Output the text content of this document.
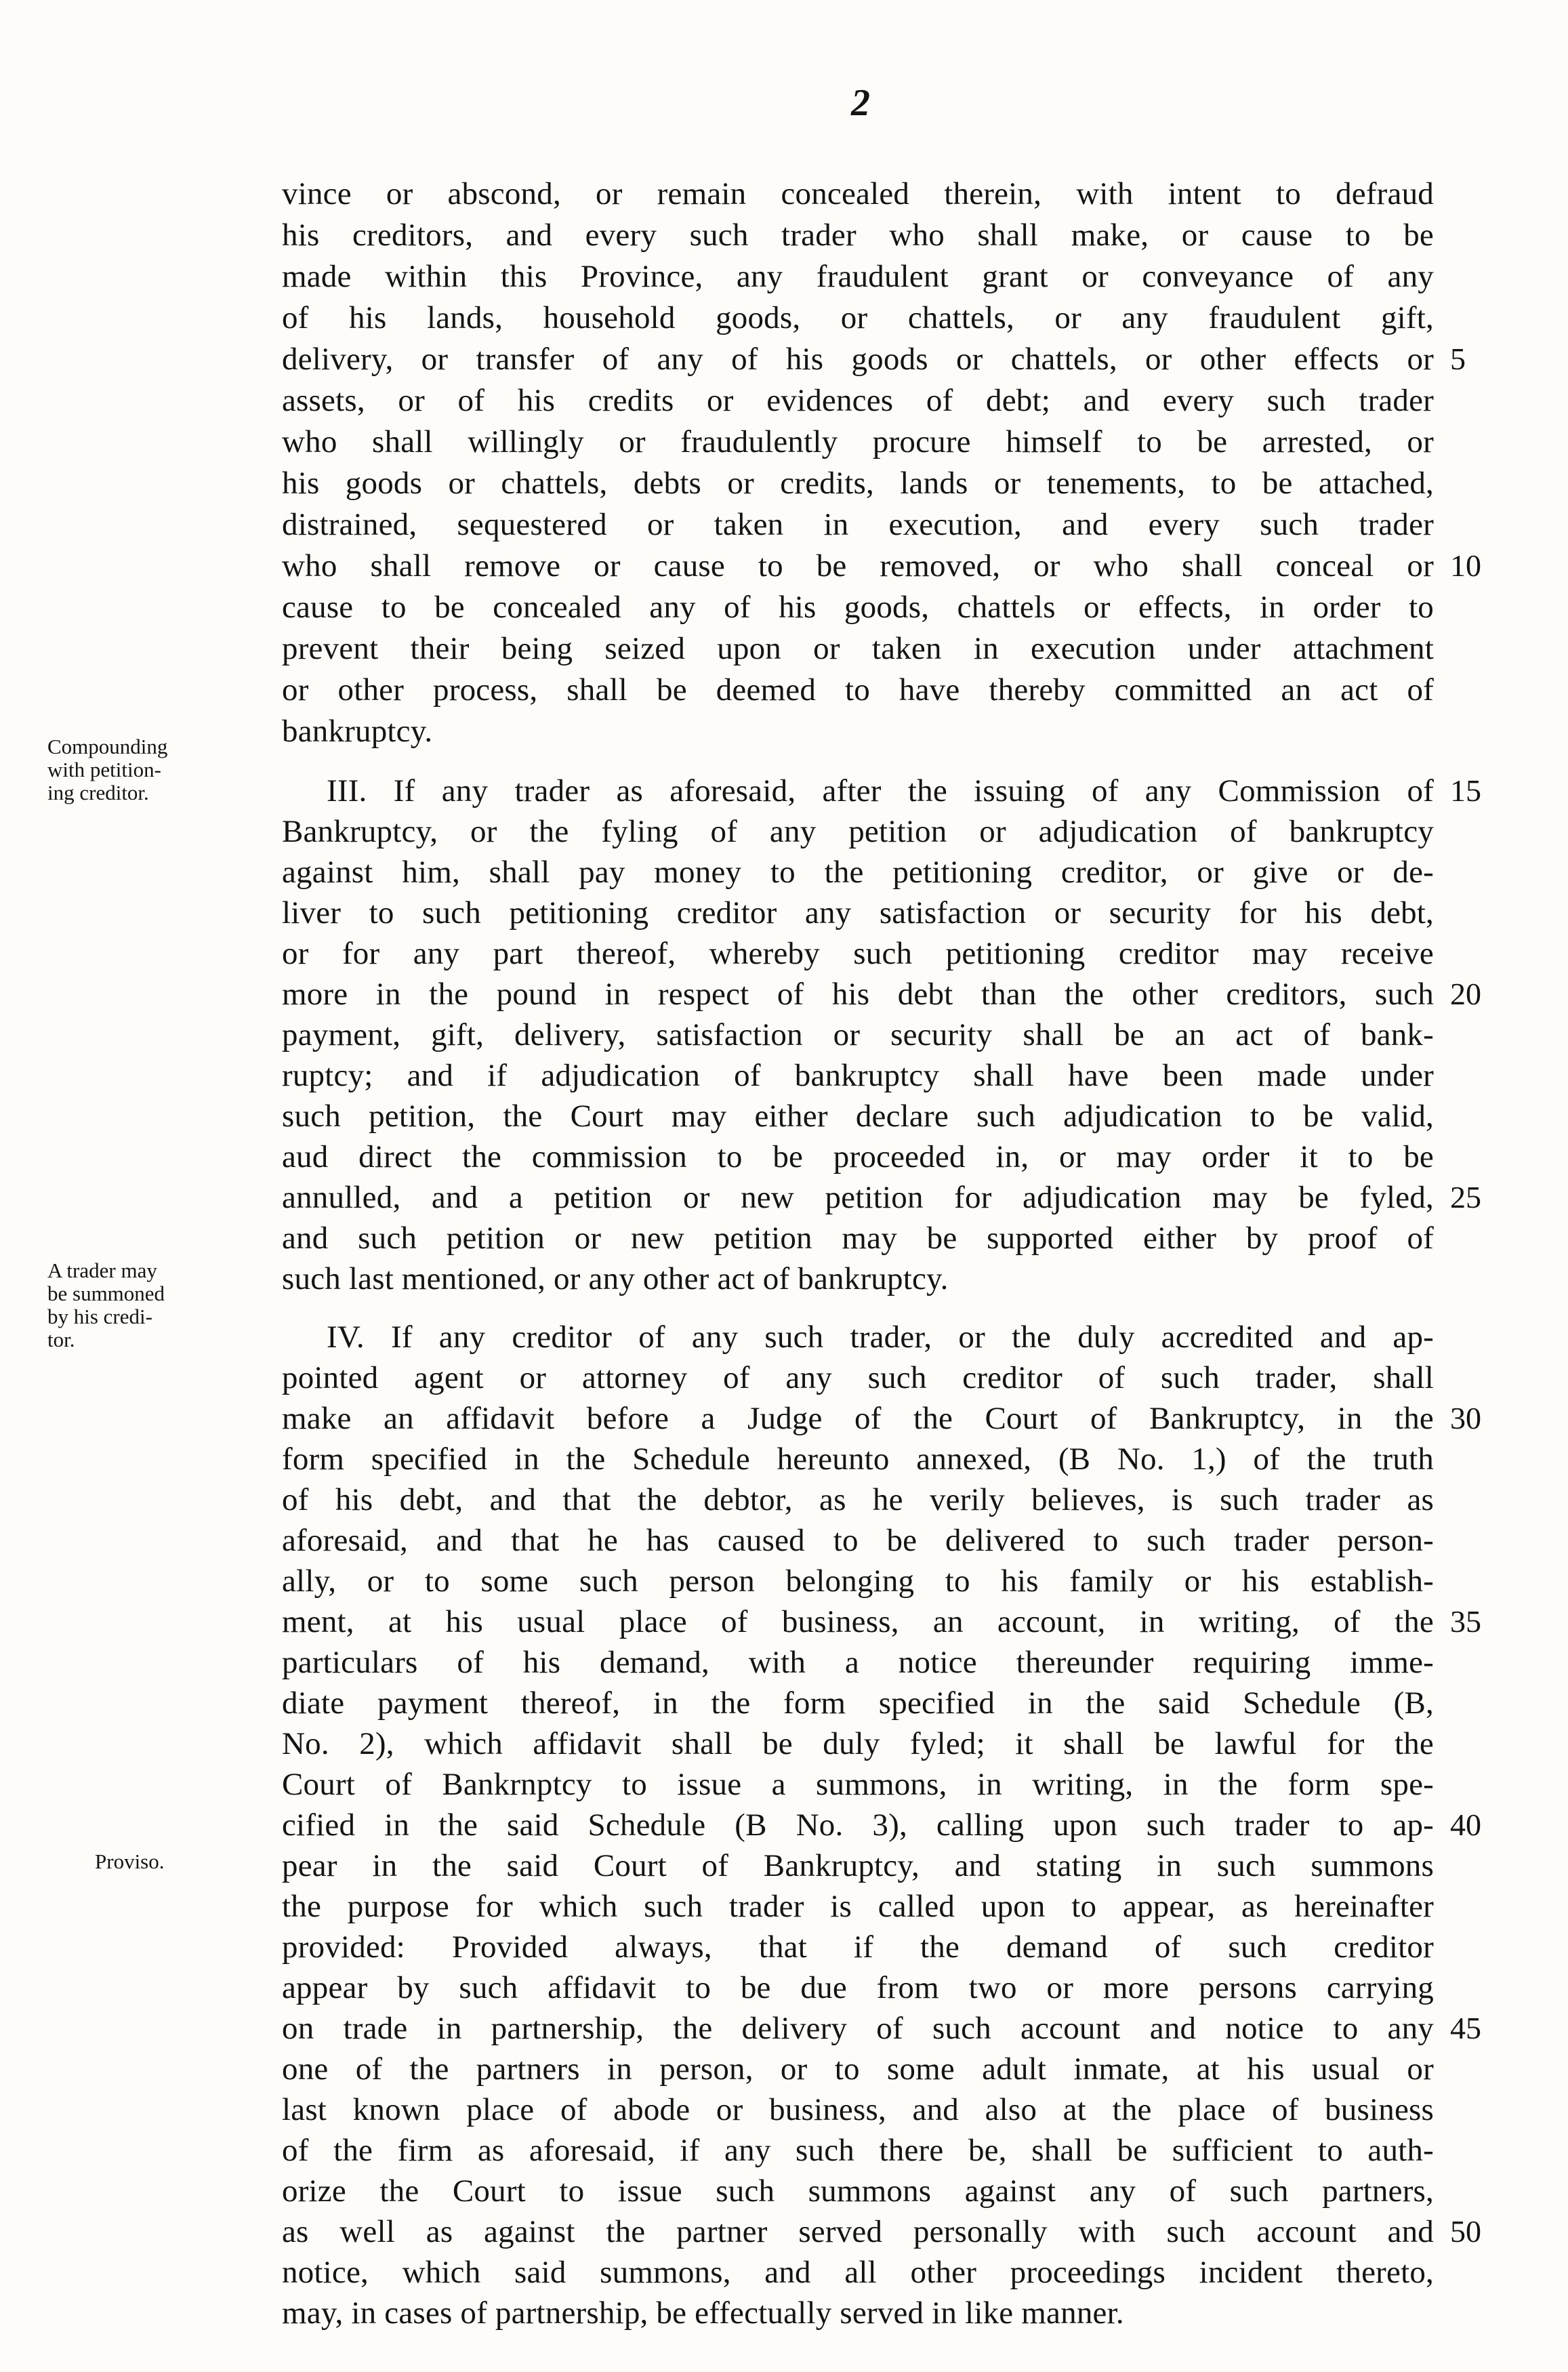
2
vince or abscond, or remain concealed therein, with intent to defraud
his creditors, and every such trader who shall make, or cause to be
made within this Province, any fraudulent grant or conveyance of any
of his lands, household goods, or chattels, or any fraudulent gift,
delivery, or transfer of any of his goods or chattels, or other effects or
assets, or of his credits or evidences of debt; and every such trader
who shall willingly or fraudulently procure himself to be arrested, or
his goods or chattels, debts or credits, lands or tenements, to be attached,
distrained, sequestered or taken in execution, and every such trader
who shall remove or cause to be removed, or who shall conceal or
cause to be concealed any of his goods, chattels or effects, in order to
prevent their being seized upon or taken in execution under attachment
or other process, shall be deemed to have thereby committed an act of
bankruptcy.
III. If any trader as aforesaid, after the issuing of any Commission of
Bankruptcy, or the fyling of any petition or adjudication of bankruptcy
against him, shall pay money to the petitioning creditor, or give or de-
liver to such petitioning creditor any satisfaction or security for his debt,
or for any part thereof, whereby such petitioning creditor may receive
more in the pound in respect of his debt than the other creditors, such
payment, gift, delivery, satisfaction or security shall be an act of bank-
ruptcy; and if adjudication of bankruptcy shall have been made under
such petition, the Court may either declare such adjudication to be valid,
aud direct the commission to be proceeded in, or may order it to be
annulled, and a petition or new petition for adjudication may be fyled,
and such petition or new petition may be supported either by proof of
such last mentioned, or any other act of bankruptcy.
IV. If any creditor of any such trader, or the duly accredited and ap-
pointed agent or attorney of any such creditor of such trader, shall
make an affidavit before a Judge of the Court of Bankruptcy, in the
form specified in the Schedule hereunto annexed, (B No. 1,) of the truth
of his debt, and that the debtor, as he verily believes, is such trader as
aforesaid, and that he has caused to be delivered to such trader person-
ally, or to some such person belonging to his family or his establish-
ment, at his usual place of business, an account, in writing, of the
particulars of his demand, with a notice thereunder requiring imme-
diate payment thereof, in the form specified in the said Schedule (B,
No. 2), which affidavit shall be duly fyled; it shall be lawful for the
Court of Bankrnptcy to issue a summons, in writing, in the form spe-
cified in the said Schedule (B No. 3), calling upon such trader to ap-
pear in the said Court of Bankruptcy, and stating in such summons
the purpose for which such trader is called upon to appear, as hereinafter
provided: Provided always, that if the demand of such creditor
appear by such affidavit to be due from two or more persons carrying
on trade in partnership, the delivery of such account and notice to any
one of the partners in person, or to some adult inmate, at his usual or
last known place of abode or business, and also at the place of business
of the firm as aforesaid, if any such there be, shall be sufficient to auth-
orize the Court to issue such summons against any of such partners,
as well as against the partner served personally with such account and
notice, which said summons, and all other proceedings incident thereto,
may, in cases of partnership, be effectually served in like manner.
5
10
15
20
25
30
35
40
45
50
Compounding
with petition-
ing creditor.
A trader may
be summoned
by his credi-
tor.
Proviso.
